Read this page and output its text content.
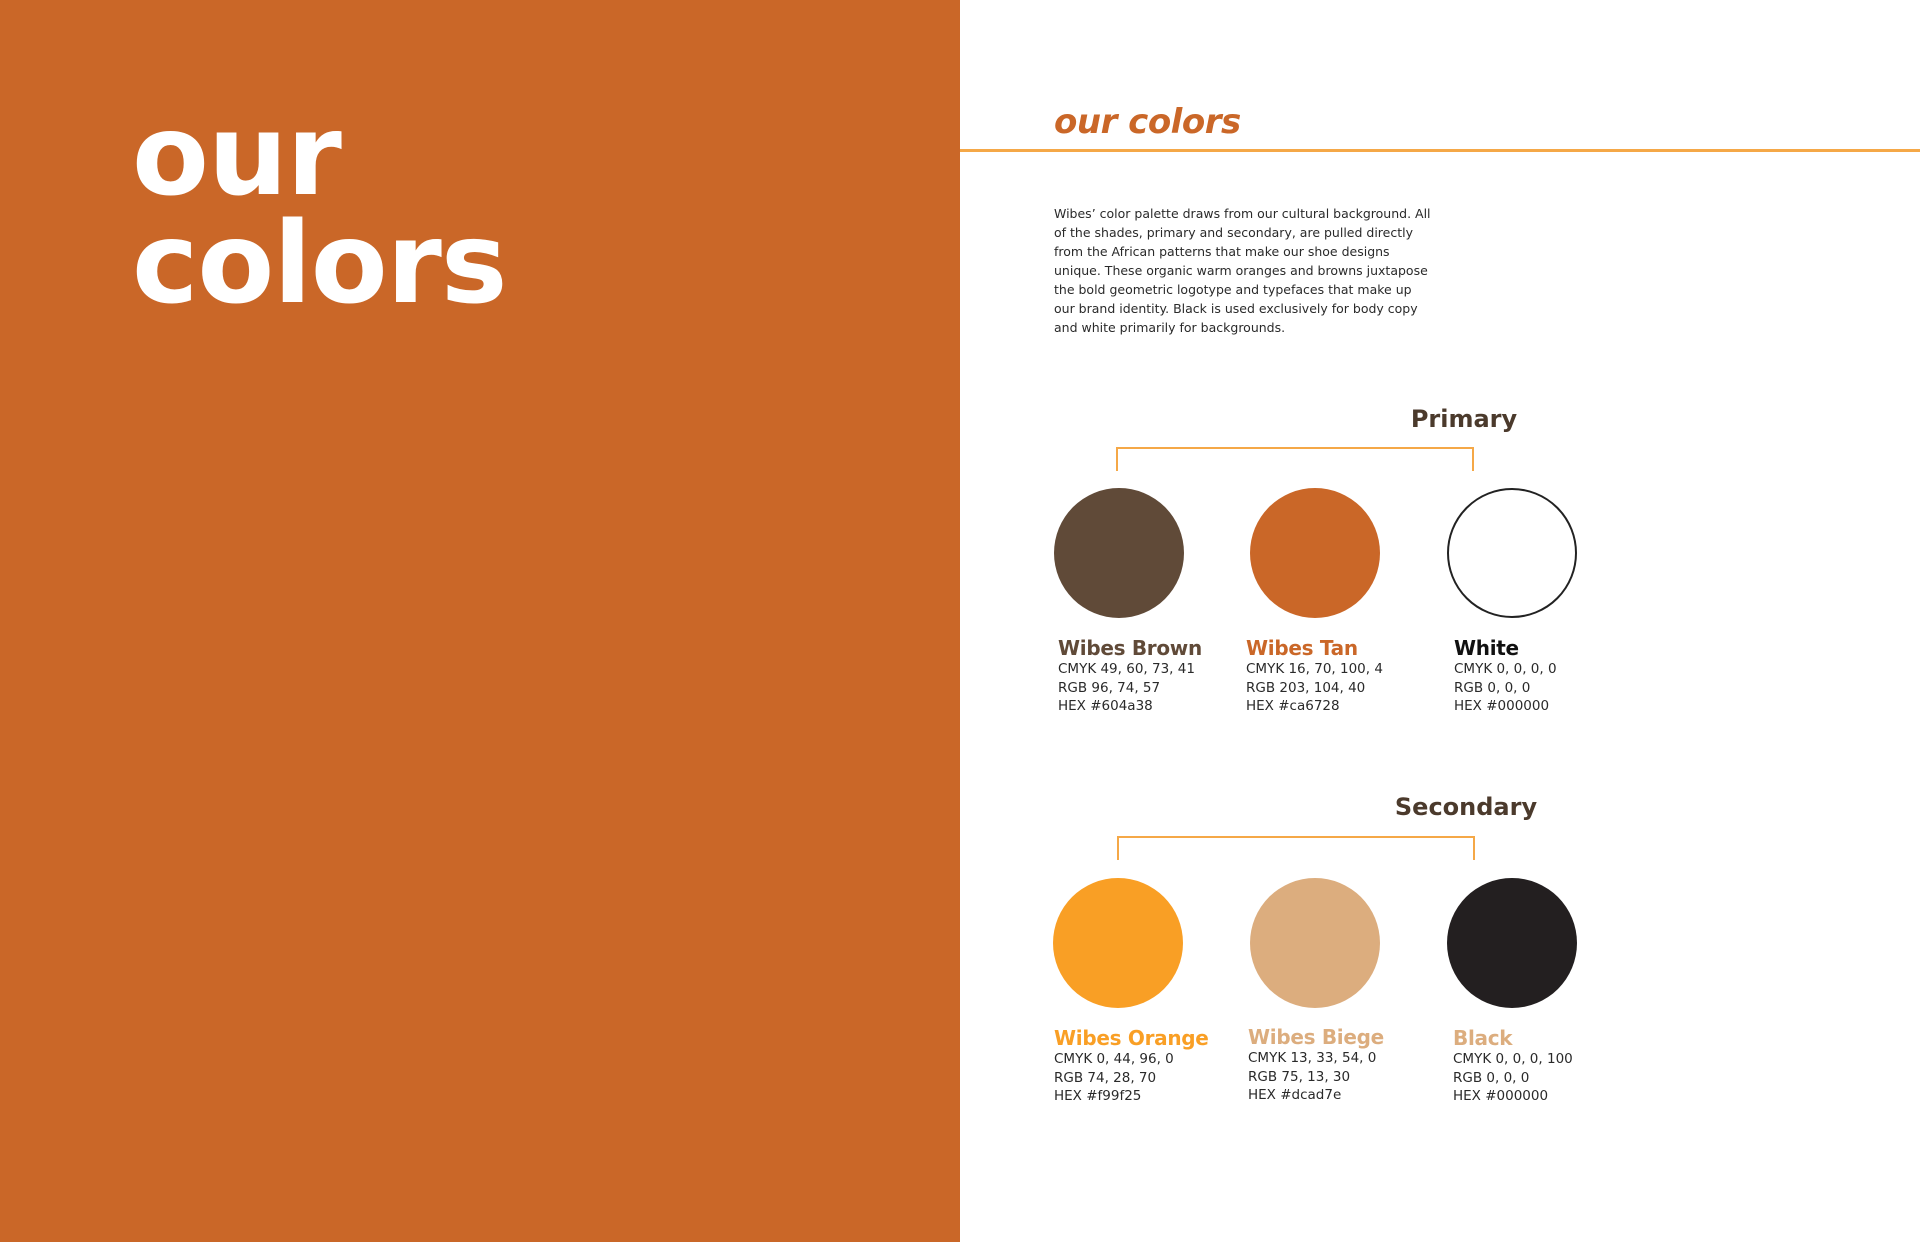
our
colors
our colors

Wibes’ color palette draws from our cultural background. All of the shades, primary and secondary, are pulled directly from the African patterns that make our shoe designs unique. These organic warm oranges and browns juxtapose the bold geometric logotype and typefaces that make up our brand identity. Black is used exclusively for body copy and white primarily for backgrounds.

Primary
Wibes Brown
CMYK 49, 60, 73, 41
RGB 96, 74, 57
HEX #604a38
Wibes Tan
CMYK 16, 70, 100, 4
RGB 203, 104, 40
HEX #ca6728
White
CMYK 0, 0, 0, 0
RGB 0, 0, 0
HEX #000000
Secondary
Wibes Orange
CMYK 0, 44, 96, 0
RGB 74, 28, 70
HEX #f99f25
Wibes Biege
CMYK 13, 33, 54, 0
RGB 75, 13, 30
HEX #dcad7e
Black
CMYK 0, 0, 0, 100
RGB 0, 0, 0
HEX #000000
